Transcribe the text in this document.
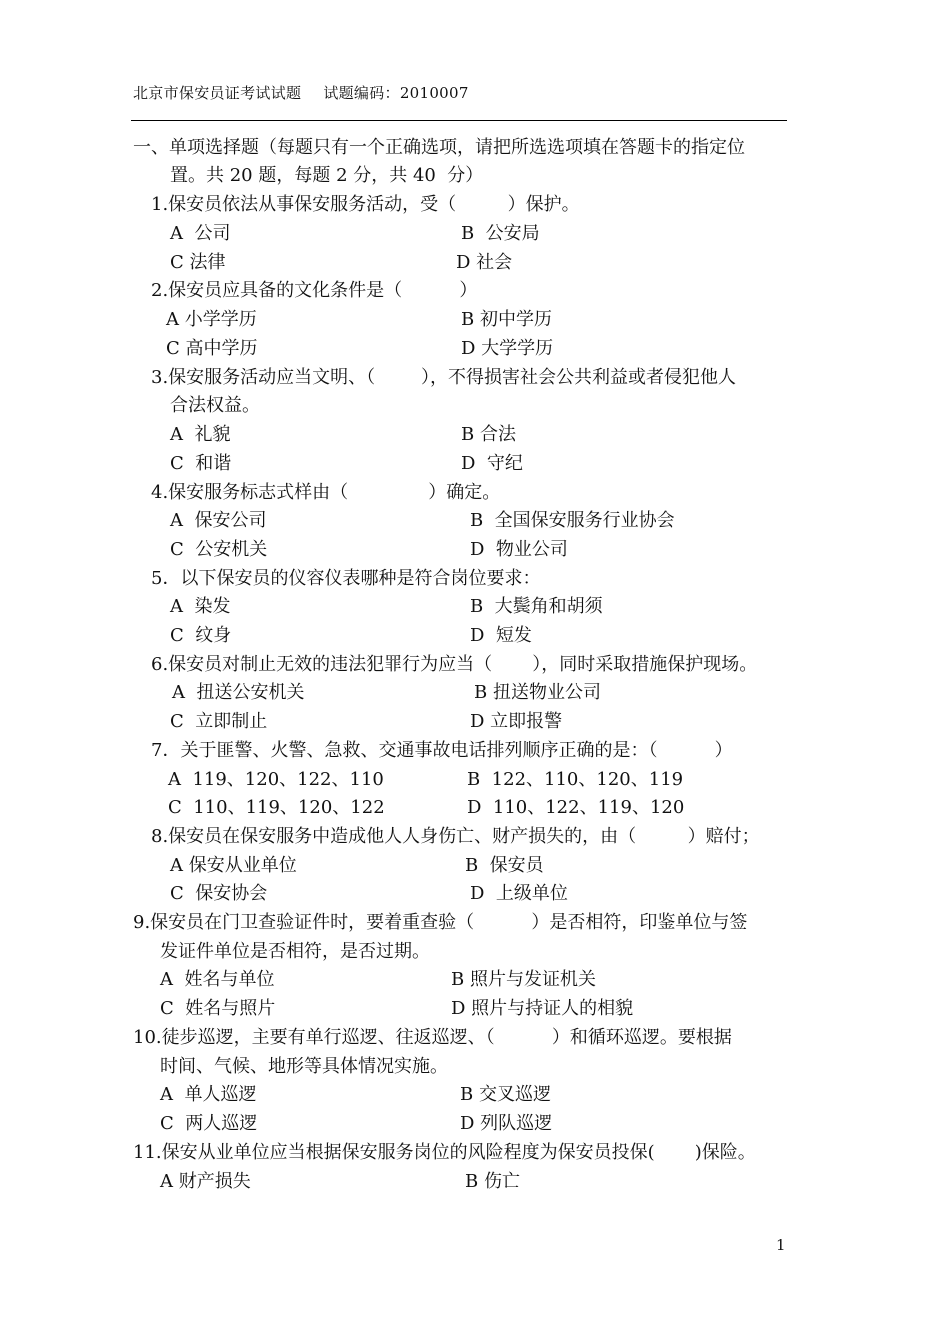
北京市保安员证考试试题 试题编码：2010007
一、单项选择题（每题只有一个正确选项，请把所选选项填在答题卡的指定位
置。共 20 题，每题 2 分，共 40  分）
1.保安员依法从事保安服务活动，受（         ）保护。
A  公司	B  公安局
C 法律	D 社会
2.保安员应具备的文化条件是（          ）
A 小学学历	B 初中学历
C 高中学历	D 大学学历
3.保安服务活动应当文明、（        ），不得损害社会公共利益或者侵犯他人
合法权益。
A  礼貌	B 合法
C  和谐	D  守纪
4.保安服务标志式样由（              ）确定。
A  保安公司	B  全国保安服务行业协会
C  公安机关	D  物业公司
5．以下保安员的仪容仪表哪种是符合岗位要求：
A  染发	B  大鬓角和胡须
C  纹身	D  短发
6.保安员对制止无效的违法犯罪行为应当（       ），同时采取措施保护现场。
A  扭送公安机关	B 扭送物业公司
C  立即制止	D 立即报警
7．关于匪警、火警、急救、交通事故电话排列顺序正确的是：（          ）
A  119、120、122、110	B  122、110、120、119
C  110、119、120、122	D  110、122、119、120
8.保安员在保安服务中造成他人人身伤亡、财产损失的，由（         ）赔付；
A 保安从业单位	B  保安员
C  保安协会	D  上级单位
9.保安员在门卫查验证件时，要着重查验（          ）是否相符，印鉴单位与签
发证件单位是否相符，是否过期。
A  姓名与单位	B 照片与发证机关
C  姓名与照片	D 照片与持证人的相貌
10.徒步巡逻，主要有单行巡逻、往返巡逻、（          ）和循环巡逻。要根据
时间、气候、地形等具体情况实施。
A  单人巡逻	B 交叉巡逻
C  两人巡逻	D 列队巡逻
11.保安从业单位应当根据保安服务岗位的风险程度为保安员投保(       )保险。
A 财产损失	B 伤亡
1
